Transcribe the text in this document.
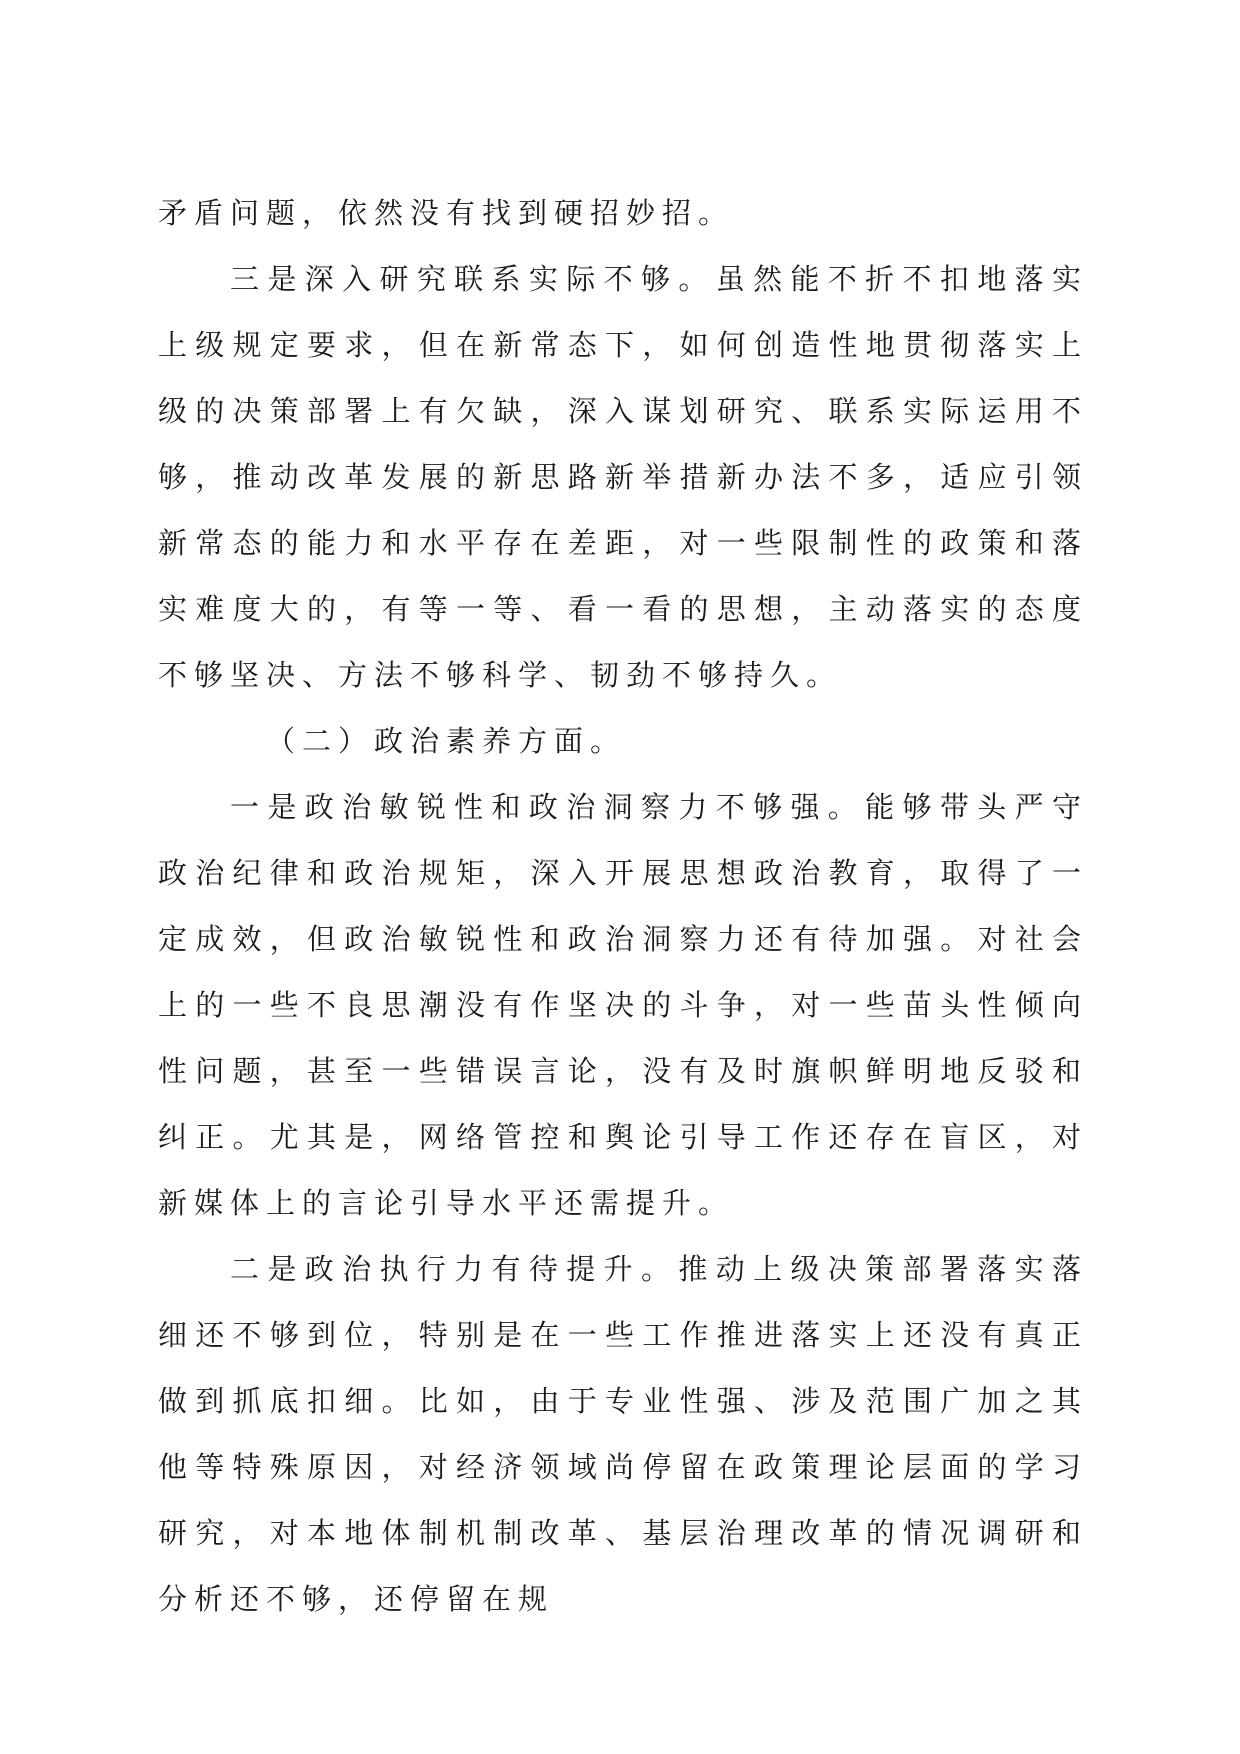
矛盾问题，依然没有找到硬招妙招。

三是深入研究联系实际不够。虽然能不折不扣地落实上级规定要求，但在新常态下，如何创造性地贯彻落实上级的决策部署上有欠缺，深入谋划研究、联系实际运用不够，推动改革发展的新思路新举措新办法不多，适应引领新常态的能力和水平存在差距，对一些限制性的政策和落实难度大的，有等一等、看一看的思想，主动落实的态度不够坚决、方法不够科学、韧劲不够持久。

（二）政治素养方面。

一是政治敏锐性和政治洞察力不够强。能够带头严守政治纪律和政治规矩，深入开展思想政治教育，取得了一定成效，但政治敏锐性和政治洞察力还有待加强。对社会上的一些不良思潮没有作坚决的斗争，对一些苗头性倾向性问题，甚至一些错误言论，没有及时旗帜鲜明地反驳和纠正。尤其是，网络管控和舆论引导工作还存在盲区，对新媒体上的言论引导水平还需提升。

二是政治执行力有待提升。推动上级决策部署落实落细还不够到位，特别是在一些工作推进落实上还没有真正做到抓底扣细。比如，由于专业性强、涉及范围广加之其他等特殊原因，对经济领域尚停留在政策理论层面的学习研究，对本地体制机制改革、基层治理改革的情况调研和分析还不够，还停留在规
